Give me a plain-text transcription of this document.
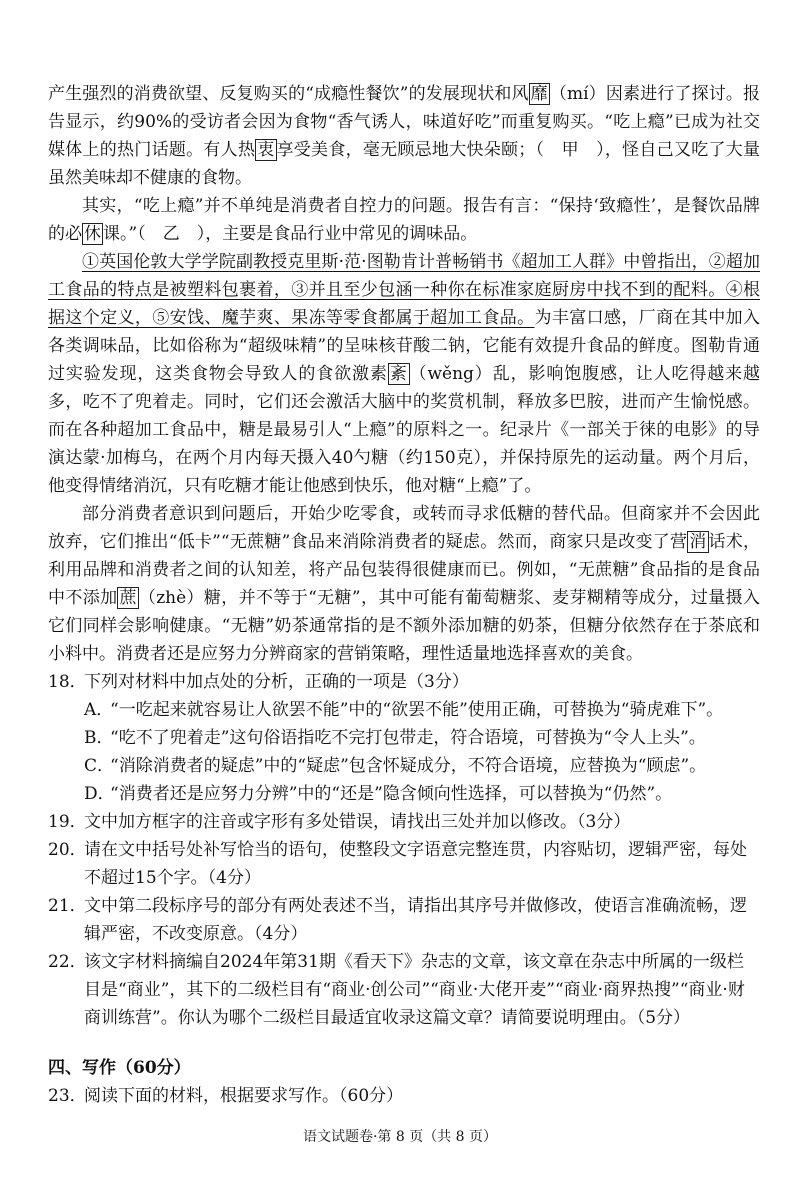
产生强烈的消费欲望、反复购买的“成瘾性餐饮”的发展现状和风 靡 （mí）因素进行了探讨。报告显示，约90%的受访者会因为食物“香气诱人，味道好吃”而重复购买。“吃上瘾”已成为社交媒体上的热门话题。有人热 衷 享受美食，毫无顾忌地大快朵颐；（　甲　），怪自己又吃了大量虽然美味却不健康的食物。

其实，“吃上瘾”并不单纯是消费者自控力的问题。报告有言：“保持‘致瘾性’，是餐饮品牌的必 休 课。”（　乙　），主要是食品行业中常见的调味品。

①英国伦敦大学学院副教授克里斯·范·图勒肯计普畅销书《超加工人群》中曾指出，②超加工食品的特点是被塑料包裹着，③并且至少包涵一种你在标准家庭厨房中找不到的配料。④根据这个定义，⑤安饯、魔芋爽、果冻等零食都属于超加工食品。为丰富口感，厂商在其中加入各类调味品，比如俗称为“超级味精”的呈味核苷酸二钠，它能有效提升食品的鲜度。图勒肯通过实验发现，这类食物会导致人的食欲激素 紊 （wěng）乱，影响饱腹感，让人吃得越来越多，吃不了兜着走。同时，它们还会激活大脑中的奖赏机制，释放多巴胺，进而产生愉悦感。而在各种超加工食品中，糖是最易引人“上瘾”的原料之一。纪录片《一部关于徕的电影》的导演达蒙·加梅乌，在两个月内每天摄入40勺糖（约150克），并保持原先的运动量。两个月后，他变得情绪消沉，只有吃糖才能让他感到快乐，他对糖“上瘾”了。

部分消费者意识到问题后，开始少吃零食，或转而寻求低糖的替代品。但商家并不会因此放弃，它们推出“低卡”“无蔗糖”食品来消除消费者的疑虑。然而，商家只是改变了营 消 话术，利用品牌和消费者之间的认知差，将产品包装得很健康而已。例如，“无蔗糖”食品指的是食品中不添加 蔗 （zhè）糖，并不等于“无糖”，其中可能有葡萄糖浆、麦芽糊精等成分，过量摄入它们同样会影响健康。“无糖”奶茶通常指的是不额外添加糖的奶茶，但糖分依然存在于茶底和小料中。消费者还是应努力分辨商家的营销策略，理性适量地选择喜欢的美食。

18．
下列对材料中加点处的分析，正确的一项是（3分）
A．
“一吃起来就容易让人欲罢不能”中的“欲罢不能”使用正确，可替换为“骑虎难下”。
B．
“吃不了兜着走”这句俗语指吃不完打包带走，符合语境，可替换为“令人上头”。
C．
“消除消费者的疑虑”中的“疑虑”包含怀疑成分，不符合语境，应替换为“顾虑”。
D．
“消费者还是应努力分辨”中的“还是”隐含倾向性选择，可以替换为“仍然”。
19．
文中加方框字的注音或字形有多处错误，请找出三处并加以修改。（3分）
20．
请在文中括号处补写恰当的语句，使整段文字语意完整连贯，内容贴切，逻辑严密，每处不超过15个字。（4分）
21．
文中第二段标序号的部分有两处表述不当，请指出其序号并做修改，使语言准确流畅，逻辑严密，不改变原意。（4分）
22．
该文字材料摘编自2024年第31期《看天下》杂志的文章，该文章在杂志中所属的一级栏目是“商业”，其下的二级栏目有“商业·创公司”“商业·大佬开麦”“商业·商界热搜”“商业·财商训练营”。你认为哪个二级栏目最适宜收录这篇文章？请简要说明理由。（5分）
四、写作（60分）
23．
阅读下面的材料，根据要求写作。（60分）
语文试题卷·第 8 页（共 8 页）
